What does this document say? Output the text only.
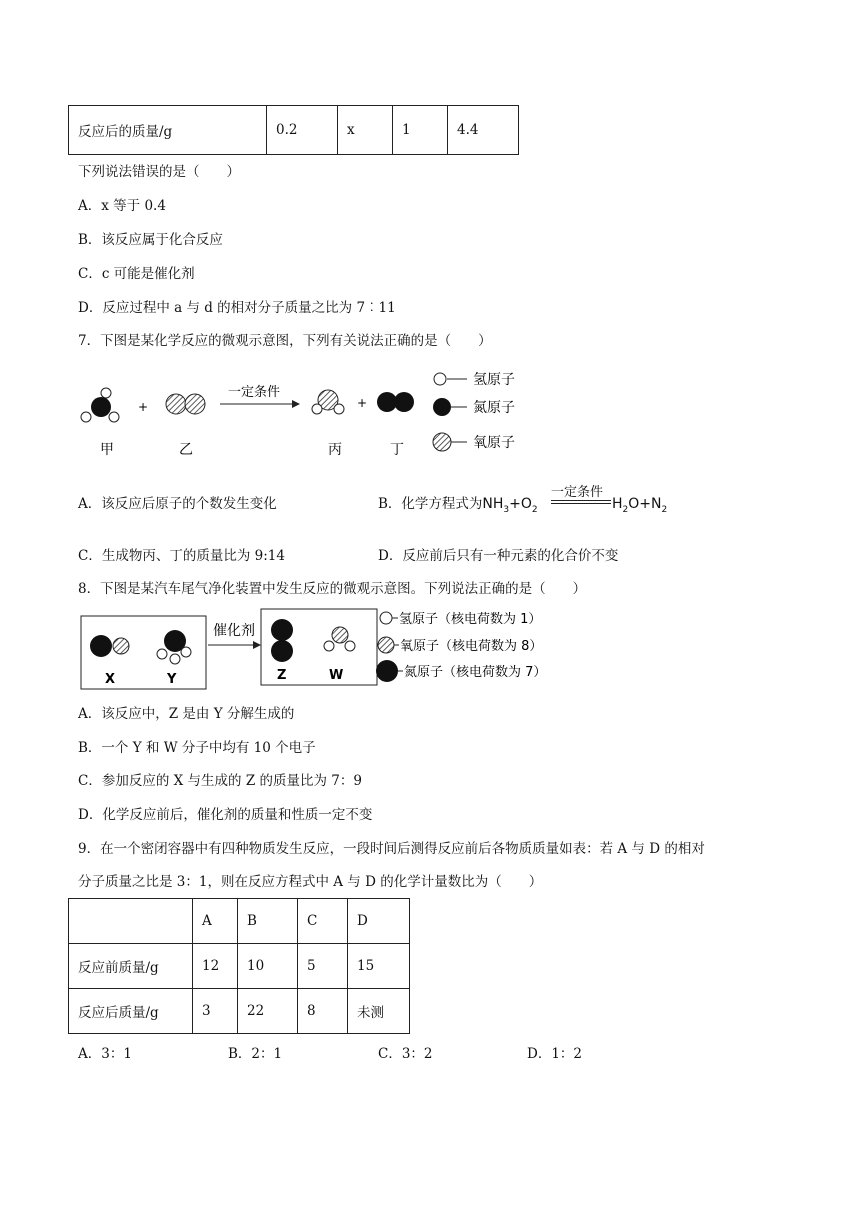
反应后的质量/g	0.2	x	1	4.4
下列说法错误的是（　　）
A．x 等于 0.4
B．该反应属于化合反应
C．c 可能是催化剂
D．反应过程中 a 与 d 的相对分子质量之比为 7︰11
7．下图是某化学反应的微观示意图，下列有关说法正确的是（　　）
+
一定条件
+
甲	乙	丙	丁
氢原子
氮原子
氧原子
A．该反应后原子的个数发生变化	B．化学方程式为$NH_3+O_2$
一定条件
$H_2O+N_2$
C．生成物丙、丁的质量比为 9:14	D．反应前后只有一种元素的化合价不变
8．下图是某汽车尾气净化装置中发生反应的微观示意图。下列说法正确的是（　　）
X	Y
催化剂
Z	W
氢原子（核电荷数为 1）
氧原子（核电荷数为 8）
氮原子（核电荷数为 7）
A．该反应中，Z 是由 Y 分解生成的
B．一个 Y 和 W 分子中均有 10 个电子
C．参加反应的 X 与生成的 Z 的质量比为 7：9
D．化学反应前后，催化剂的质量和性质一定不变
9．在一个密闭容器中有四种物质发生反应，一段时间后测得反应前后各物质质量如表：若 A 与 D 的相对
分子质量之比是 3：1，则在反应方程式中 A 与 D 的化学计量数比为（　　）
	A	B	C	D
反应前质量/g	12	10	5	15
反应后质量/g	3	22	8	未测
A．3：1	B．2：1	C．3：2	D．1：2
